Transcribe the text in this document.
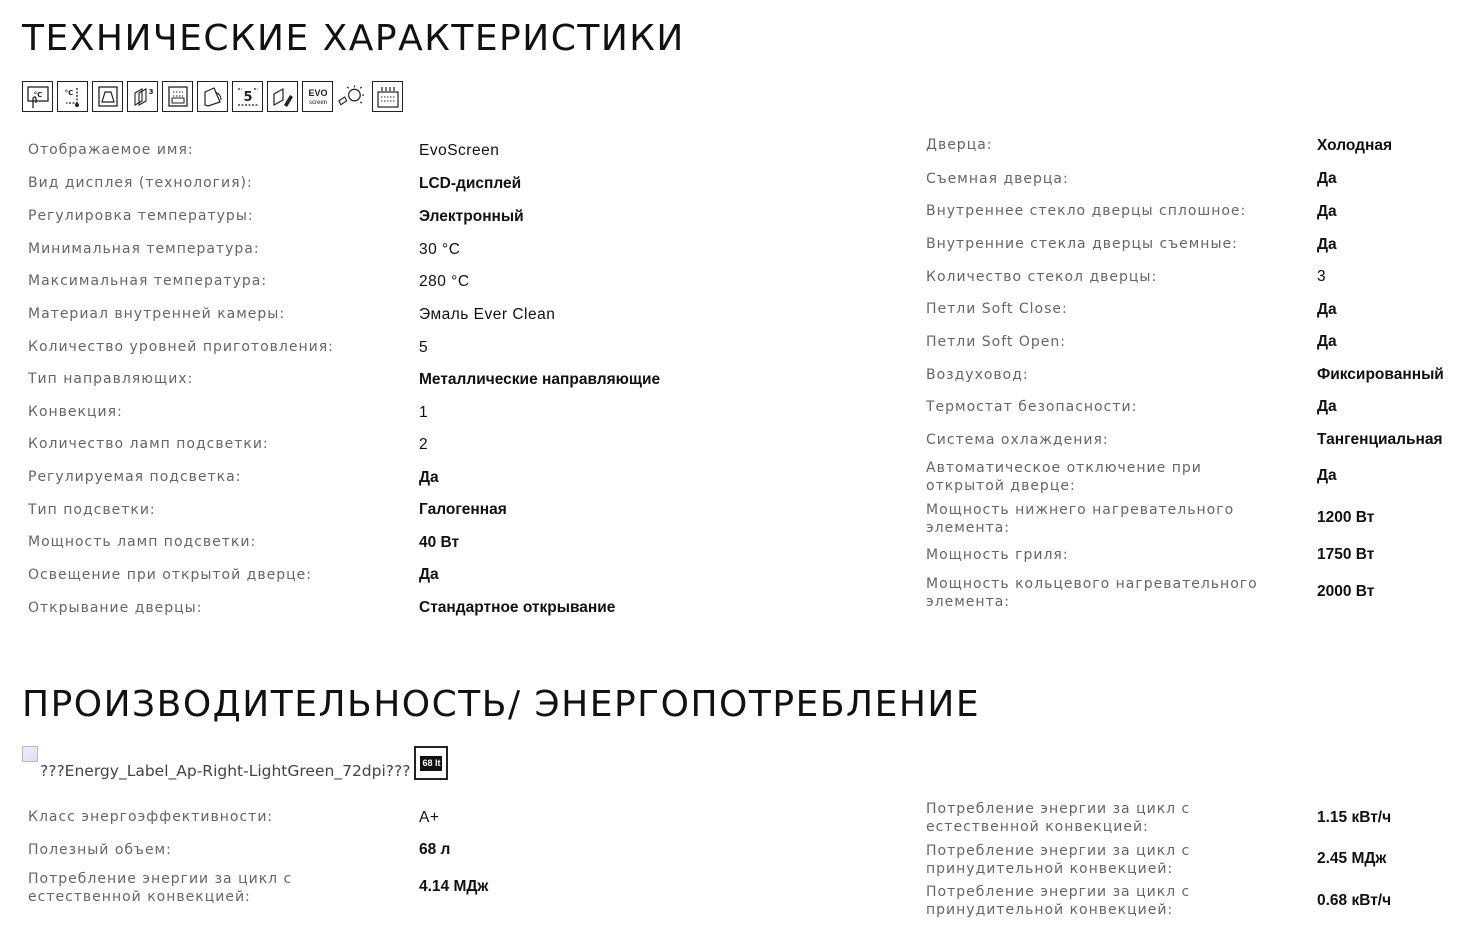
ТЕХНИЧЕСКИЕ ХАРАКТЕРИСТИКИ
°C	°C	3	5	EVO
screen
Отображаемое имя:	EvoScreen
Вид дисплея (технология):	LCD-дисплей
Регулировка температуры:	Электронный
Минимальная температура:	30 °C
Максимальная температура:	280 °C
Материал внутренней камеры:	Эмаль Ever Clean
Количество уровней приготовления:	5
Тип направляющих:	Металлические направляющие
Конвекция:	1
Количество ламп подсветки:	2
Регулируемая подсветка:	Да
Тип подсветки:	Галогенная
Мощность ламп подсветки:	40 Вт
Освещение при открытой дверце:	Да
Открывание дверцы:	Стандартное открывание
Дверца:	Холодная
Съемная дверца:	Да
Внутреннее стекло дверцы сплошное:	Да
Внутренние стекла дверцы съемные:	Да
Количество стекол дверцы:	3
Петли Soft Close:	Да
Петли Soft Open:	Да
Воздуховод:	Фиксированный
Термостат безопасности:	Да
Система охлаждения:	Тангенциальная
Автоматическое отключение при открытой дверце:
Да
Мощность нижнего нагревательного элемента:
1200 Вт
Мощность гриля:	1750 Вт
Мощность кольцевого нагревательного элемента:
2000 Вт
ПРОИЗВОДИТЕЛЬНОСТЬ/ ЭНЕРГОПОТРЕБЛЕНИЕ
???Energy_Label_Ap-Right-LightGreen_72dpi??? 68 lt
Класс энергоэффективности:	A+
Полезный объем:	68 л
Потребление энергии за цикл с естественной конвекцией:
4.14 МДж
Потребление энергии за цикл с естественной конвекцией:
1.15 кВт/ч
Потребление энергии за цикл с принудительной конвекцией:
2.45 МДж
Потребление энергии за цикл с принудительной конвекцией:
0.68 кВт/ч
